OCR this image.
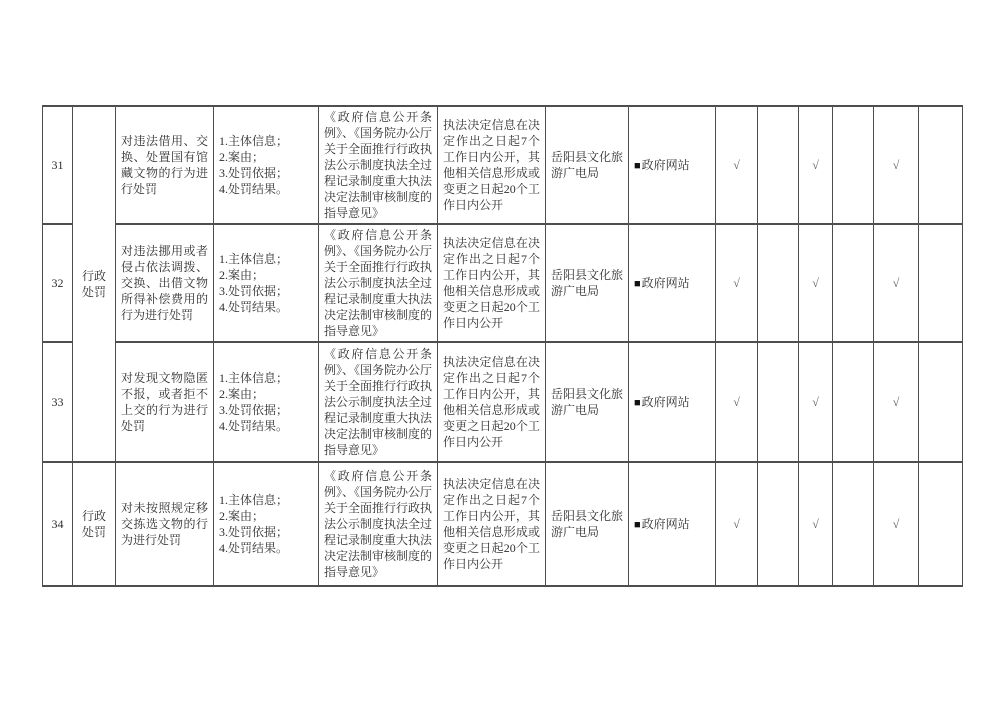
31	行政处罚	对违法借用、交换、处置国有馆藏文物的行为进行处罚	1.主体信息；
2.案由；
3.处罚依据；
4.处罚结果。	《政府信息公开条例》、《国务院办公厅关于全面推行行政执法公示制度执法全过程记录制度重大执法决定法制审核制度的指导意见》	执法决定信息在决定作出之日起7个工作日内公开，其他相关信息形成或变更之日起20个工作日内公开	岳阳县文化旅游广电局	■政府网站	√		√		√	
32		对违法挪用或者侵占依法调拨、交换、出借文物所得补偿费用的行为进行处罚	1.主体信息；
2.案由；
3.处罚依据；
4.处罚结果。	《政府信息公开条例》、《国务院办公厅关于全面推行行政执法公示制度执法全过程记录制度重大执法决定法制审核制度的指导意见》	执法决定信息在决定作出之日起7个工作日内公开，其他相关信息形成或变更之日起20个工作日内公开	岳阳县文化旅游广电局	■政府网站	√		√		√	
33		对发现文物隐匿不报，或者拒不上交的行为进行处罚	1.主体信息；
2.案由；
3.处罚依据；
4.处罚结果。	《政府信息公开条例》、《国务院办公厅关于全面推行行政执法公示制度执法全过程记录制度重大执法决定法制审核制度的指导意见》	执法决定信息在决定作出之日起7个工作日内公开，其他相关信息形成或变更之日起20个工作日内公开	岳阳县文化旅游广电局	■政府网站	√		√		√	
34	行政处罚	对未按照规定移交拣选文物的行为进行处罚	1.主体信息；
2.案由；
3.处罚依据；
4.处罚结果。	《政府信息公开条例》、《国务院办公厅关于全面推行行政执法公示制度执法全过程记录制度重大执法决定法制审核制度的指导意见》	执法决定信息在决定作出之日起7个工作日内公开，其他相关信息形成或变更之日起20个工作日内公开	岳阳县文化旅游广电局	■政府网站	√		√		√	
